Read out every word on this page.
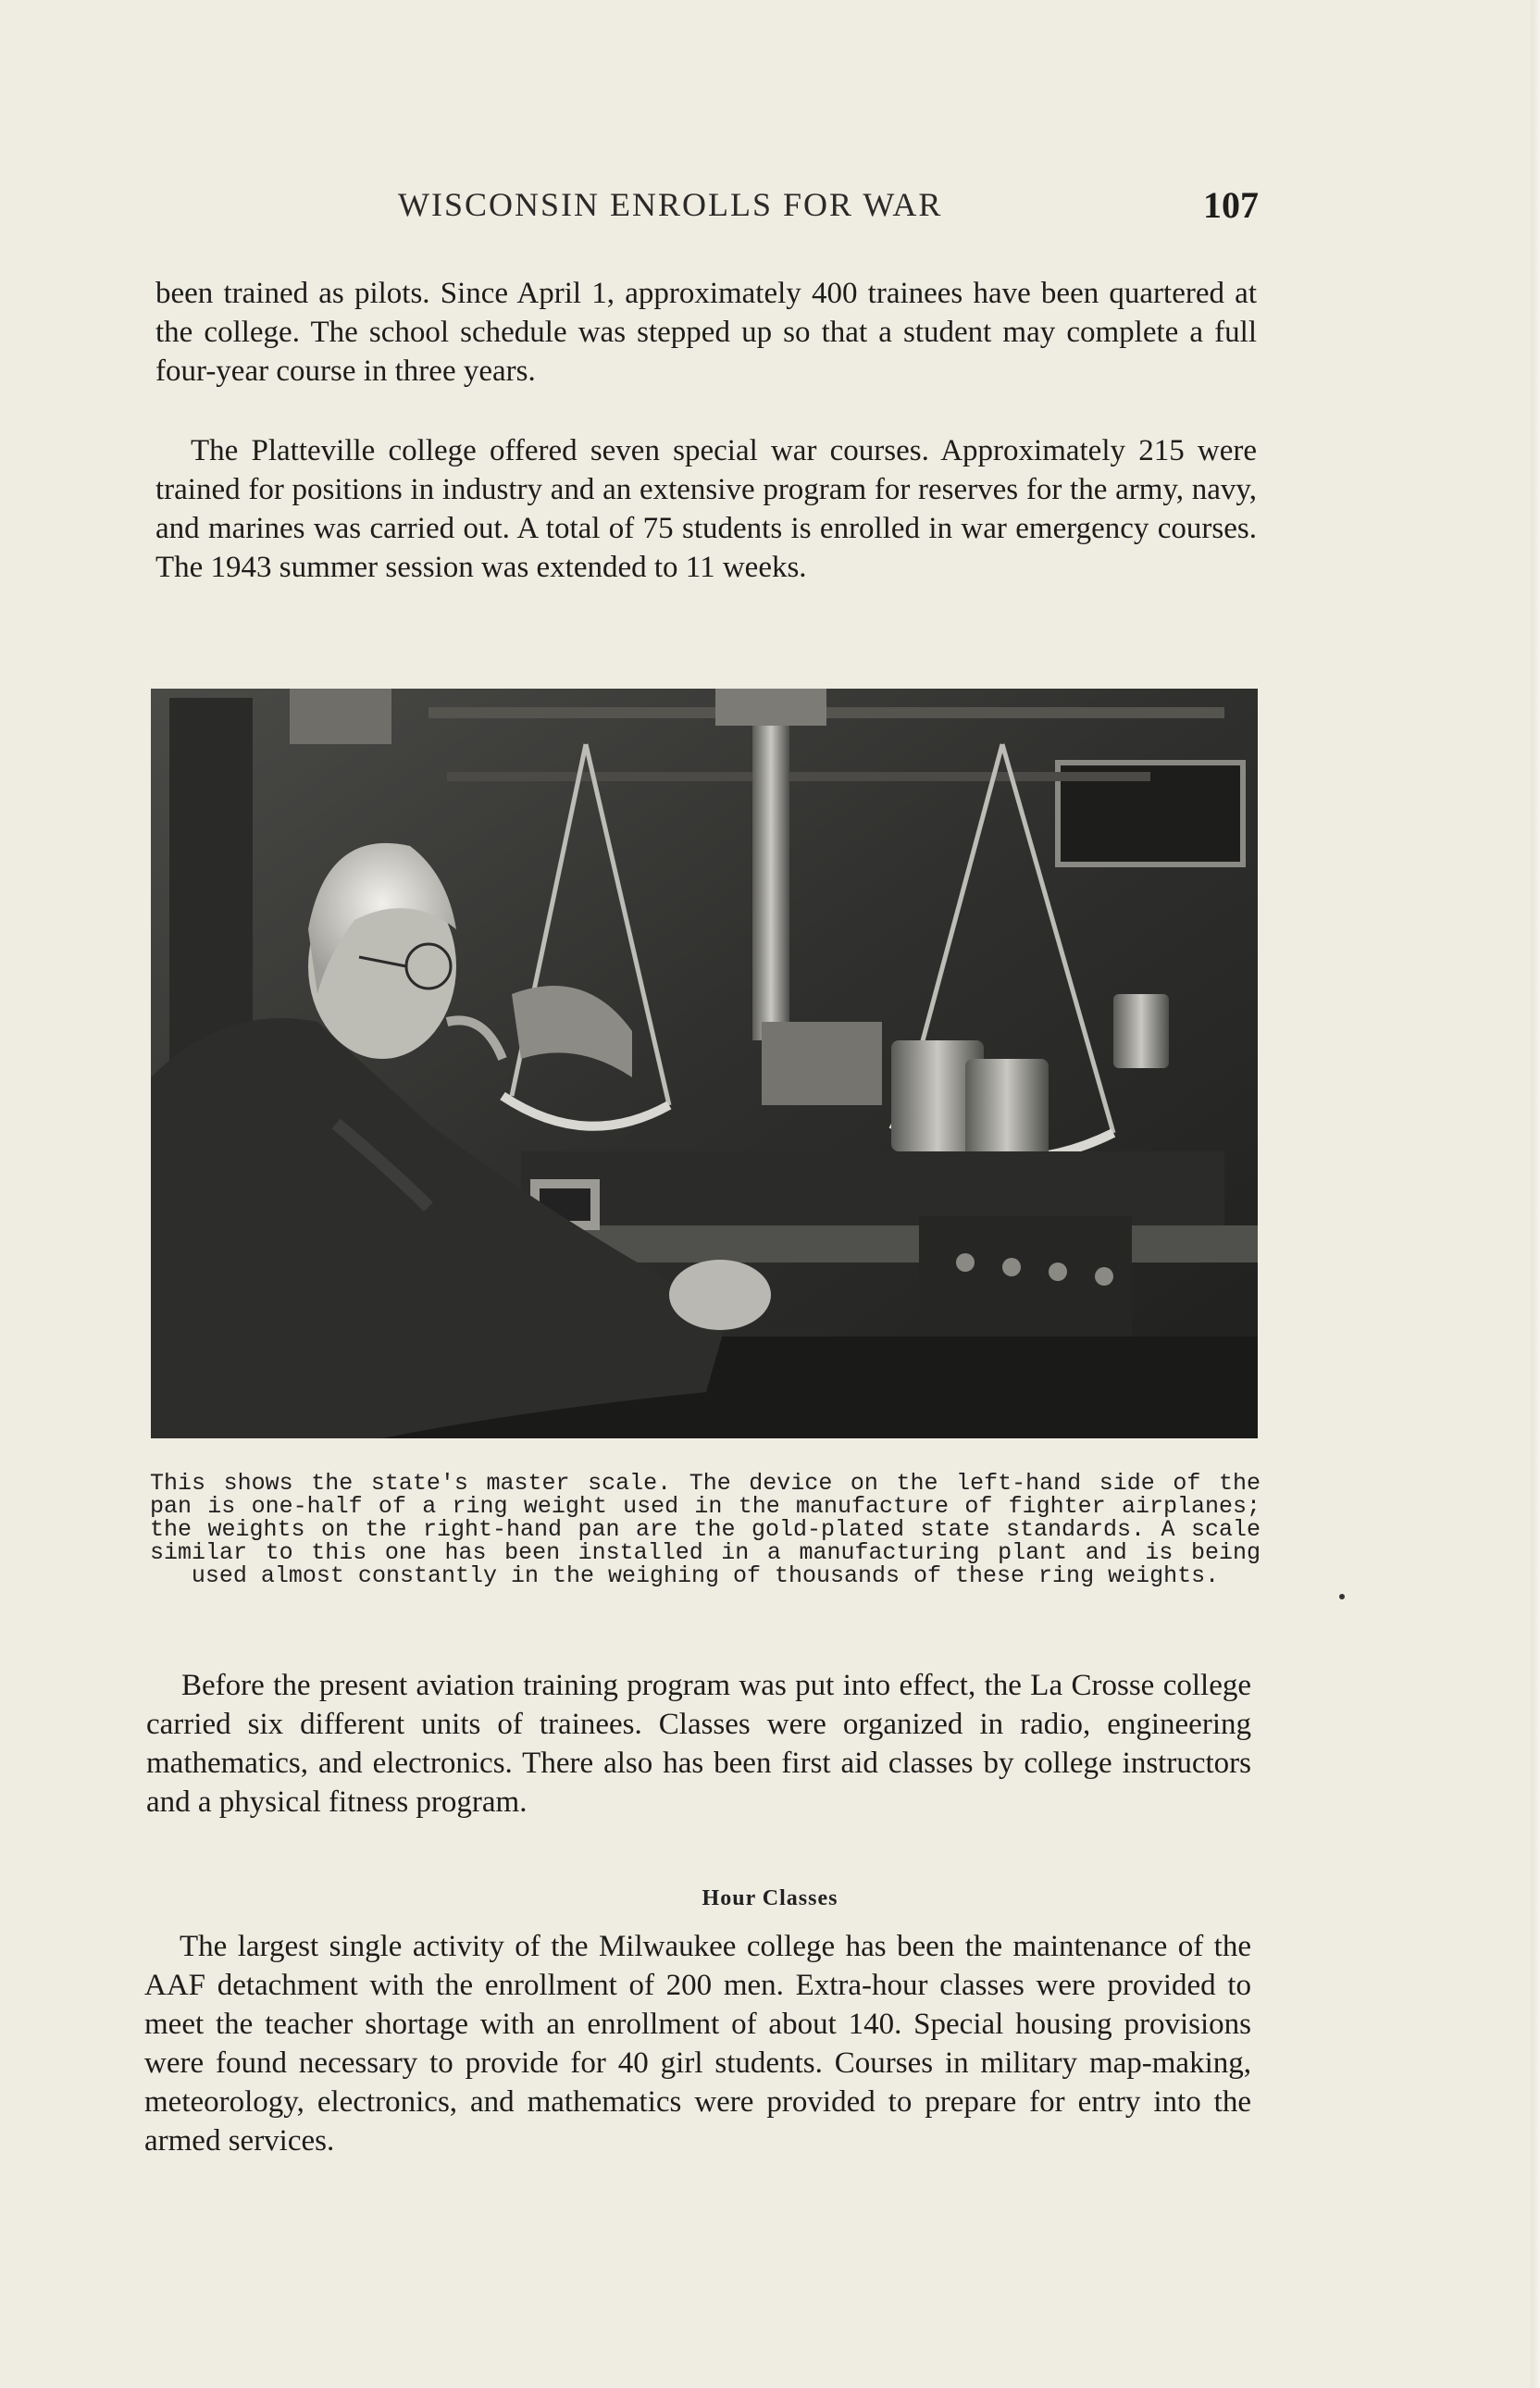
WISCONSIN ENROLLS FOR WAR	107

been trained as pilots. Since April 1, approximately 400 trainees have been quartered at the college. The school schedule was stepped up so that a student may complete a full four-year course in three years.

The Platteville college offered seven special war courses. Approximately 215 were trained for positions in industry and an extensive program for reserves for the army, navy, and marines was carried out. A total of 75 students is enrolled in war emergency courses. The 1943 summer session was extended to 11 weeks.

This shows the state's master scale. The device on the left-hand side of the pan is one-half of a ring weight used in the manufacture of fighter airplanes; the weights on the right-hand pan are the gold-plated state standards. A scale similar to this one has been installed in a manufacturing plant and is being used almost constantly in the weighing of thousands of these ring weights.

Before the present aviation training program was put into effect, the La Crosse college carried six different units of trainees. Classes were organized in radio, engineering mathematics, and electronics. There also has been first aid classes by college instructors and a physical fitness program.

Hour Classes

The largest single activity of the Milwaukee college has been the maintenance of the AAF detachment with the enrollment of 200 men. Extra-hour classes were provided to meet the teacher shortage with an enrollment of about 140. Special housing provisions were found necessary to provide for 40 girl students. Courses in military map-making, meteorology, electronics, and mathematics were provided to prepare for entry into the armed services.
